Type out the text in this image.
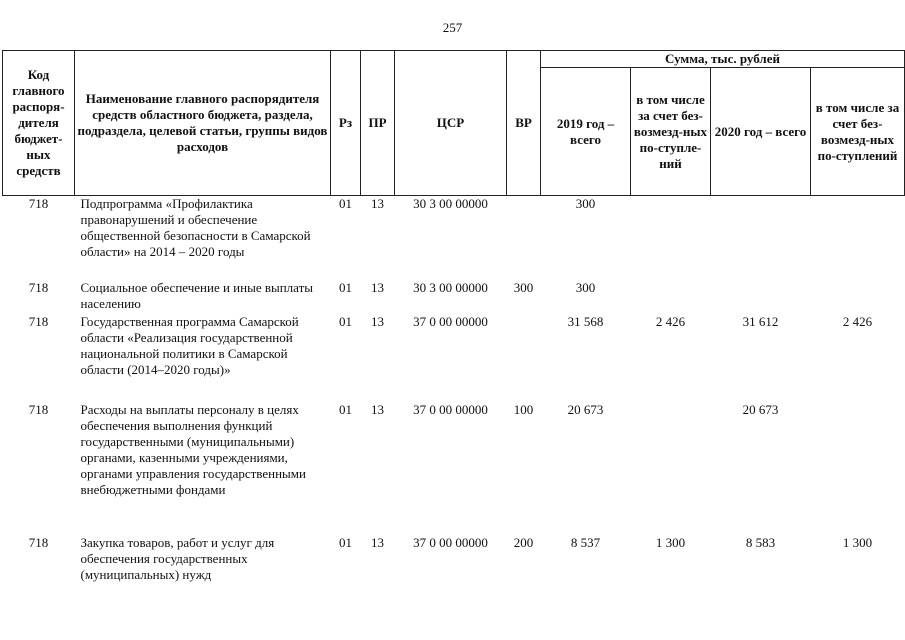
257
Код главного распоря-дителя бюджет-ных средств	Наименование главного распорядителя средств областного бюджета, раздела, подраздела, целевой статьи, группы видов расходов	Рз	ПР	ЦСР	ВР	Сумма, тыс. рублей			
						2019 год – всего	в том числе за счет без-возмезд-ных по-ступле-ний	2020 год – всего	в том числе за счет без-возмезд-ных по-ступлений
718	Подпрограмма «Профилактика правонарушений и обеспечение общественной безопасности в Самарской области» на 2014 – 2020 годы	01	13	30 3 00 00000		300			
718	Социальное обеспечение и иные выплаты населению	01	13	30 3 00 00000	300	300			
718	Государственная программа Самарской области «Реализация государственной национальной политики в Самарской области (2014–2020 годы)»	01	13	37 0 00 00000		31 568	2 426	31 612	2 426
718	Расходы на выплаты персоналу в целях обеспечения выполнения функций государственными (муниципальными) органами, казенными учреждениями, органами управления государственными внебюджетными фондами	01	13	37 0 00 00000	100	20 673		20 673	
718	Закупка товаров, работ и услуг для обеспечения государственных (муниципальных) нужд	01	13	37 0 00 00000	200	8 537	1 300	8 583	1 300
